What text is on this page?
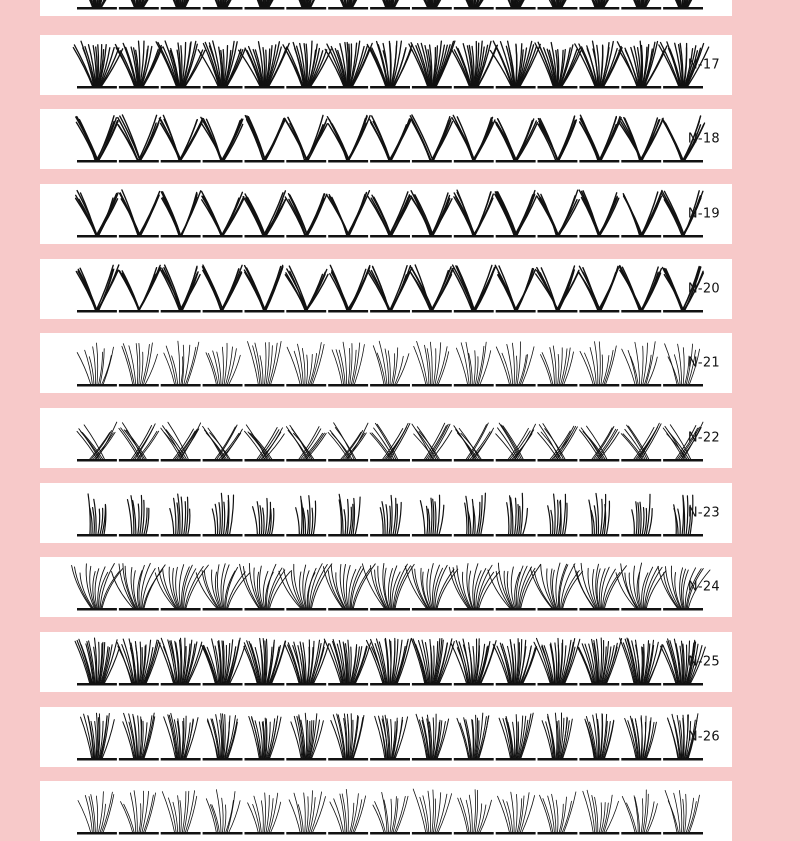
N-17
N-18
N-19
N-20
N-21
N-22
N-23
N-24
N-25
N-26
